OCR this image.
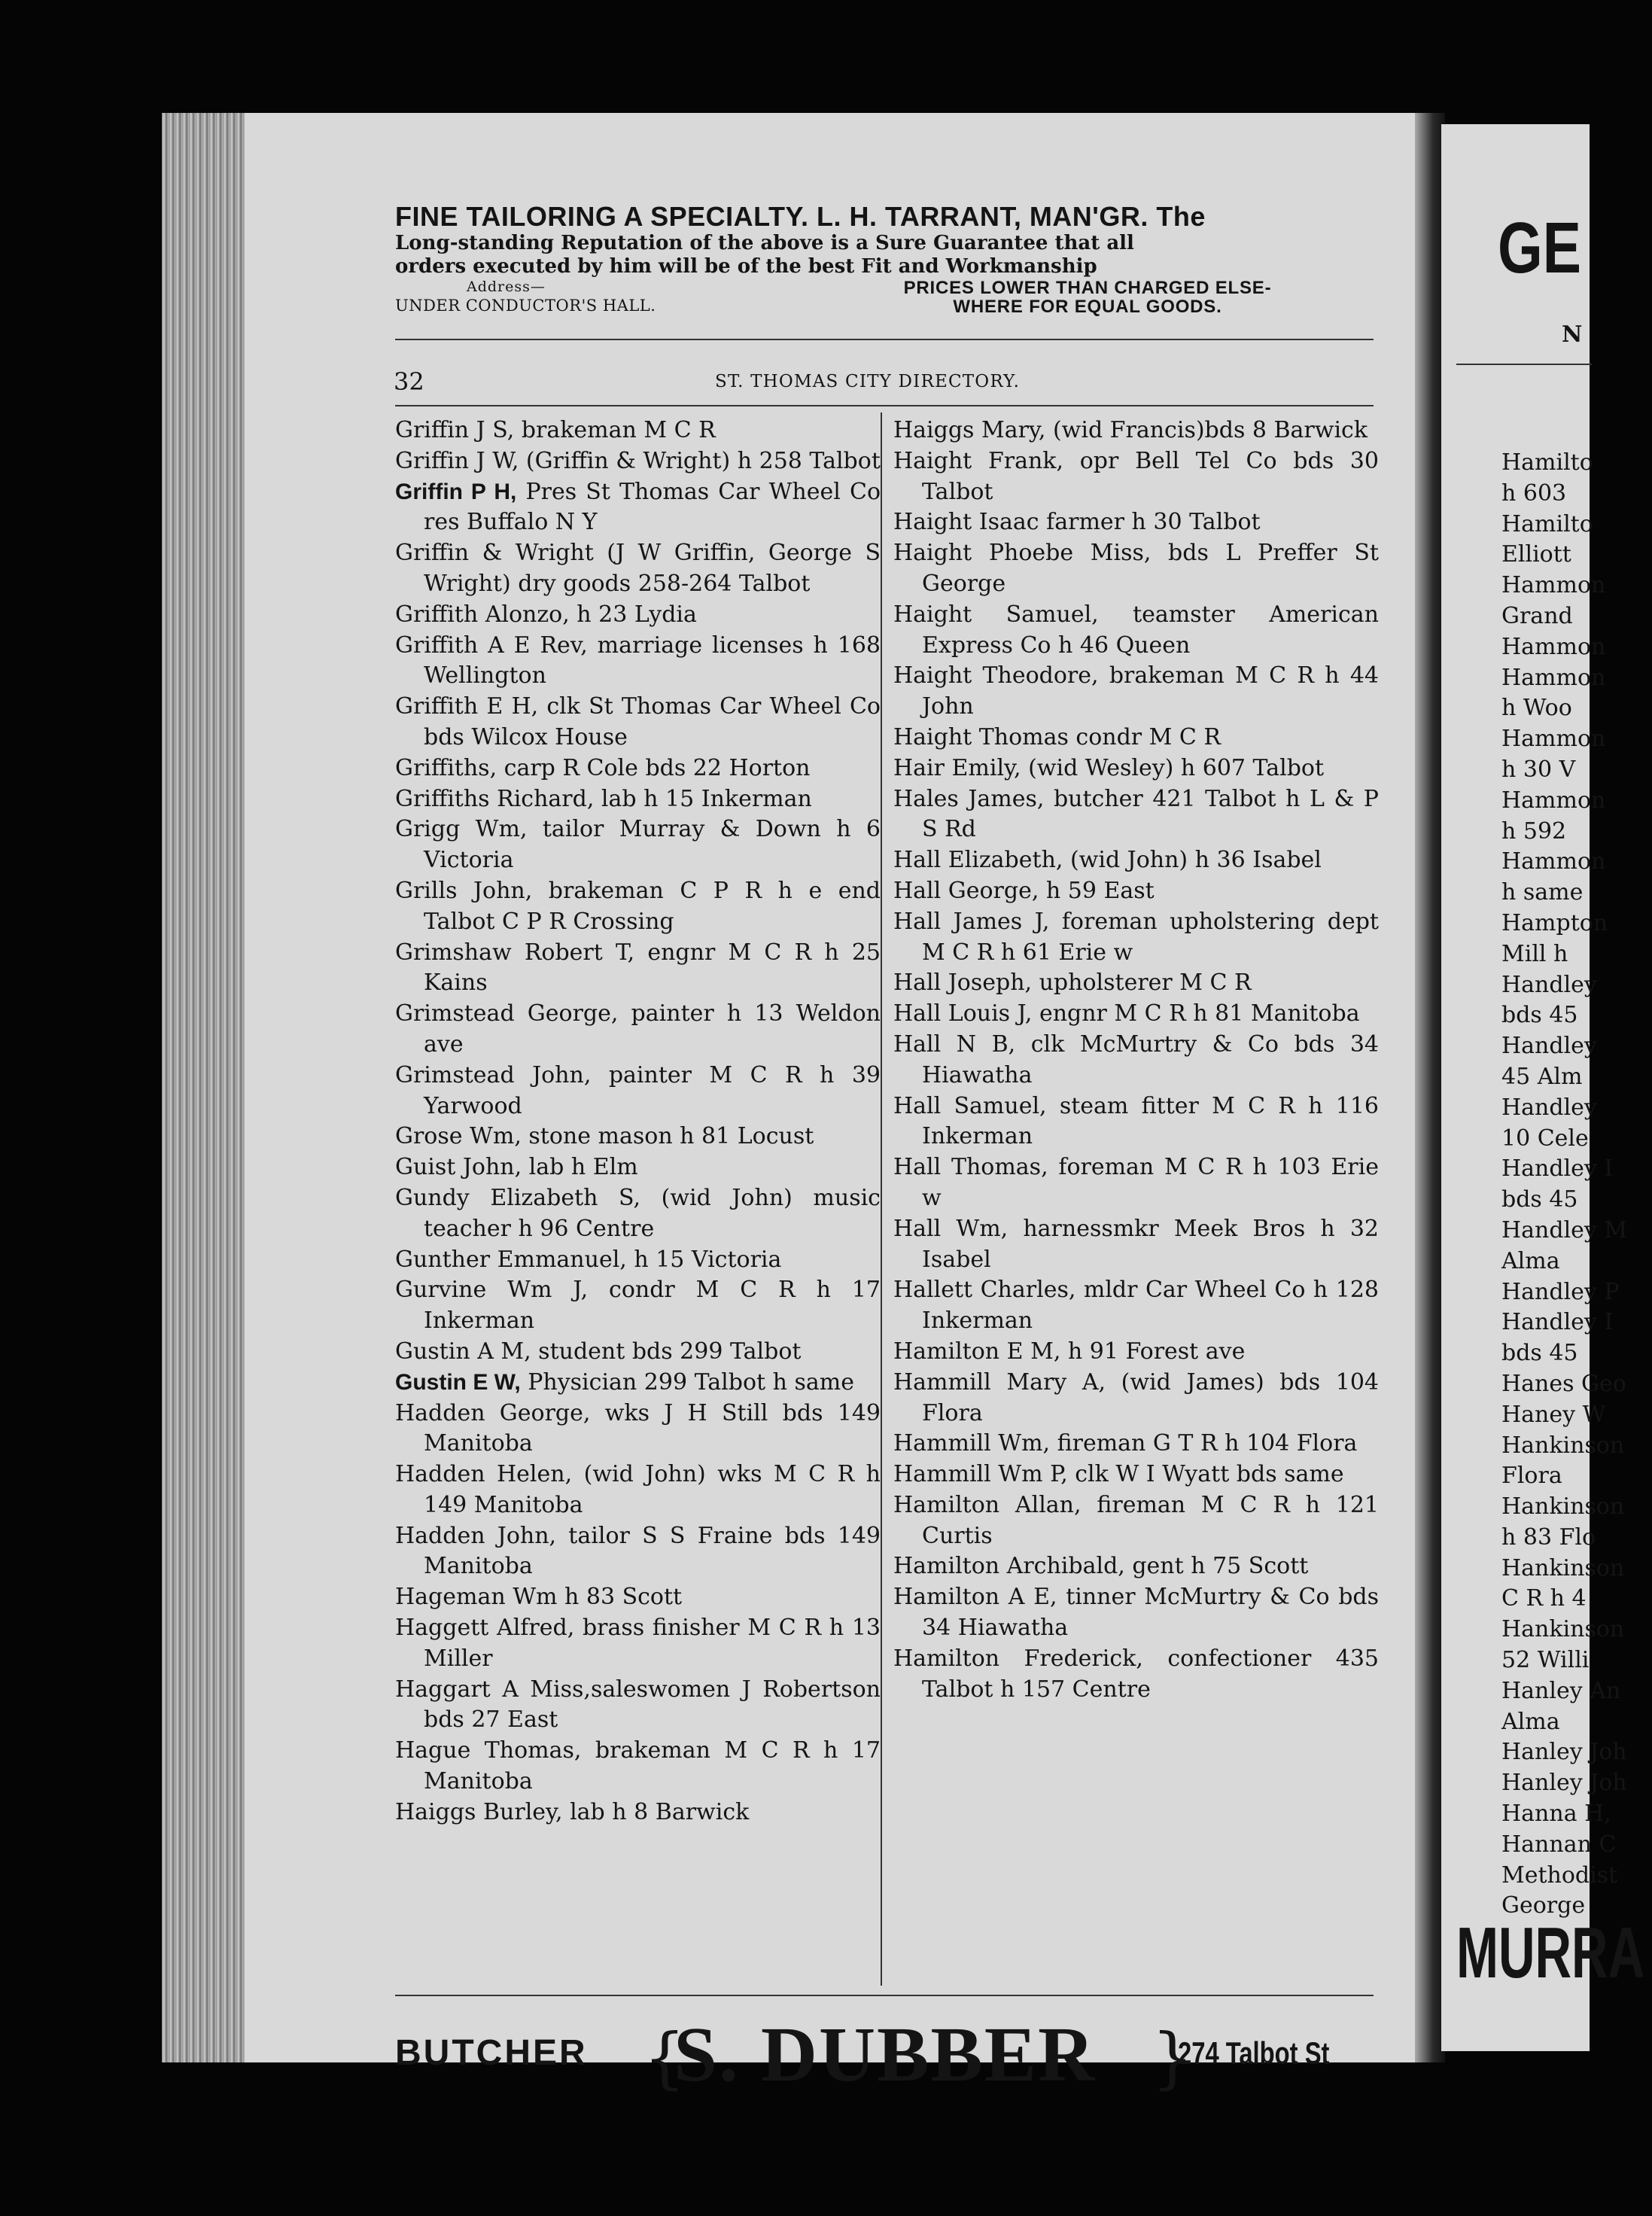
FINE TAILORING A SPECIALTY. L. H. TARRANT, MAN'GR. The
Long-standing Reputation of the above is a Sure Guarantee that all
orders executed by him will be of the best Fit and Workmanship
Address—
UNDER CONDUCTOR'S HALL.
PRICES LOWER THAN CHARGED ELSE-
WHERE FOR EQUAL GOODS.
32	ST. THOMAS CITY DIRECTORY.
Griffin J S, brakeman M C R
Griffin J W, (Griffin & Wright) h 258 Talbot
Griffin P H, Pres St Thomas Car Wheel Co res Buffalo N Y
Griffin & Wright (J W Griffin, George S Wright) dry goods 258-264 Talbot
Griffith Alonzo, h 23 Lydia
Griffith A E Rev, marriage licenses h 168 Wellington
Griffith E H, clk St Thomas Car Wheel Co bds Wilcox House
Griffiths, carp R Cole bds 22 Horton
Griffiths Richard, lab h 15 Inkerman
Grigg Wm, tailor Murray & Down h 6 Victoria
Grills John, brakeman C P R h e end Talbot C P R Crossing
Grimshaw Robert T, engnr M C R h 25 Kains
Grimstead George, painter h 13 Weldon ave
Grimstead John, painter M C R h 39 Yarwood
Grose Wm, stone mason h 81 Locust
Guist John, lab h Elm
Gundy Elizabeth S, (wid John) music teacher h 96 Centre
Gunther Emmanuel, h 15 Victoria
Gurvine Wm J, condr M C R h 17 Inkerman
Gustin A M, student bds 299 Talbot
Gustin E W, Physician 299 Talbot h same
Hadden George, wks J H Still bds 149 Manitoba
Hadden Helen, (wid John) wks M C R h 149 Manitoba
Hadden John, tailor S S Fraine bds 149 Manitoba
Hageman Wm h 83 Scott
Haggett Alfred, brass finisher M C R h 13 Miller
Haggart A Miss,saleswomen J Robertson bds 27 East
Hague Thomas, brakeman M C R h 17 Manitoba
Haiggs Burley, lab h 8 Barwick
Haiggs Mary, (wid Francis)bds 8 Barwick
Haight Frank, opr Bell Tel Co bds 30 Talbot
Haight Isaac farmer h 30 Talbot
Haight Phoebe Miss, bds L Preffer St George
Haight Samuel, teamster American Express Co h 46 Queen
Haight Theodore, brakeman M C R h 44 John
Haight Thomas condr M C R
Hair Emily, (wid Wesley) h 607 Talbot
Hales James, butcher 421 Talbot h L & P S Rd
Hall Elizabeth, (wid John) h 36 Isabel
Hall George, h 59 East
Hall James J, foreman upholstering dept M C R h 61 Erie w
Hall Joseph, upholsterer M C R
Hall Louis J, engnr M C R h 81 Manitoba
Hall N B, clk McMurtry & Co bds 34 Hiawatha
Hall Samuel, steam fitter M C R h 116 Inkerman
Hall Thomas, foreman M C R h 103 Erie w
Hall Wm, harnessmkr Meek Bros h 32 Isabel
Hallett Charles, mldr Car Wheel Co h 128 Inkerman
Hamilton E M, h 91 Forest ave
Hammill Mary A, (wid James) bds 104 Flora
Hammill Wm, fireman G T R h 104 Flora
Hammill Wm P, clk W I Wyatt bds same
Hamilton Allan, fireman M C R h 121 Curtis
Hamilton Archibald, gent h 75 Scott
Hamilton A E, tinner McMurtry & Co bds 34 Hiawatha
Hamilton Frederick, confectioner 435 Talbot h 157 Centre
BUTCHER {
S. DUBBER }
274 Talbot St
GE
N
Hamilto
h 603
Hamilto
Elliott
Hammon
Grand
Hammon
Hammon
h Woo
Hammon
h 30 V
Hammon
h 592
Hammon
h same
Hampton
Mill h
Handley
bds 45
Handley
45 Alm
Handley
10 Cele
Handley I
bds 45
Handley M
Alma
Handley P
Handley I
bds 45
Hanes Geo
Haney W
Hankinson
Flora
Hankinson
h 83 Flo
Hankinson
C R h 4
Hankinson
52 Willi
Hanley An
Alma
Hanley Joh
Hanley Joh
Hanna H,
Hannan C
Methodist
George
MURRA
